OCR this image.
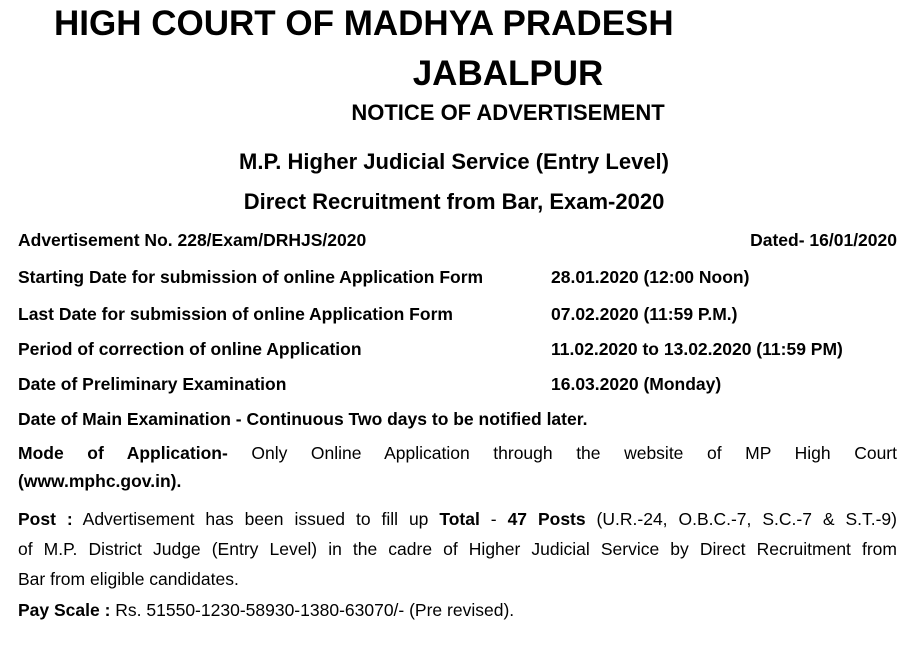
HIGH COURT OF MADHYA PRADESH
JABALPUR
NOTICE OF ADVERTISEMENT
M.P. Higher Judicial Service (Entry Level)
Direct Recruitment from Bar, Exam-2020
Advertisement No. 228/Exam/DRHJS/2020	Dated- 16/01/2020
Starting Date for submission of online Application Form	28.01.2020 (12:00 Noon)
Last Date for submission of online Application Form	07.02.2020 (11:59 P.M.)
Period of correction of online Application	11.02.2020 to 13.02.2020 (11:59 PM)
Date of Preliminary Examination	16.03.2020 (Monday)
Date of Main Examination - Continuous Two days to be notified later.
Mode of Application- Only Online Application through the website of MP High Court
(www.mphc.gov.in).
Post : Advertisement has been issued to fill up Total - 47 Posts (U.R.-24, O.B.C.-7, S.C.-7 & S.T.-9)
of M.P. District Judge (Entry Level) in the cadre of Higher Judicial Service by Direct Recruitment from
Bar from eligible candidates.
Pay Scale : Rs. 51550-1230-58930-1380-63070/- (Pre revised).
